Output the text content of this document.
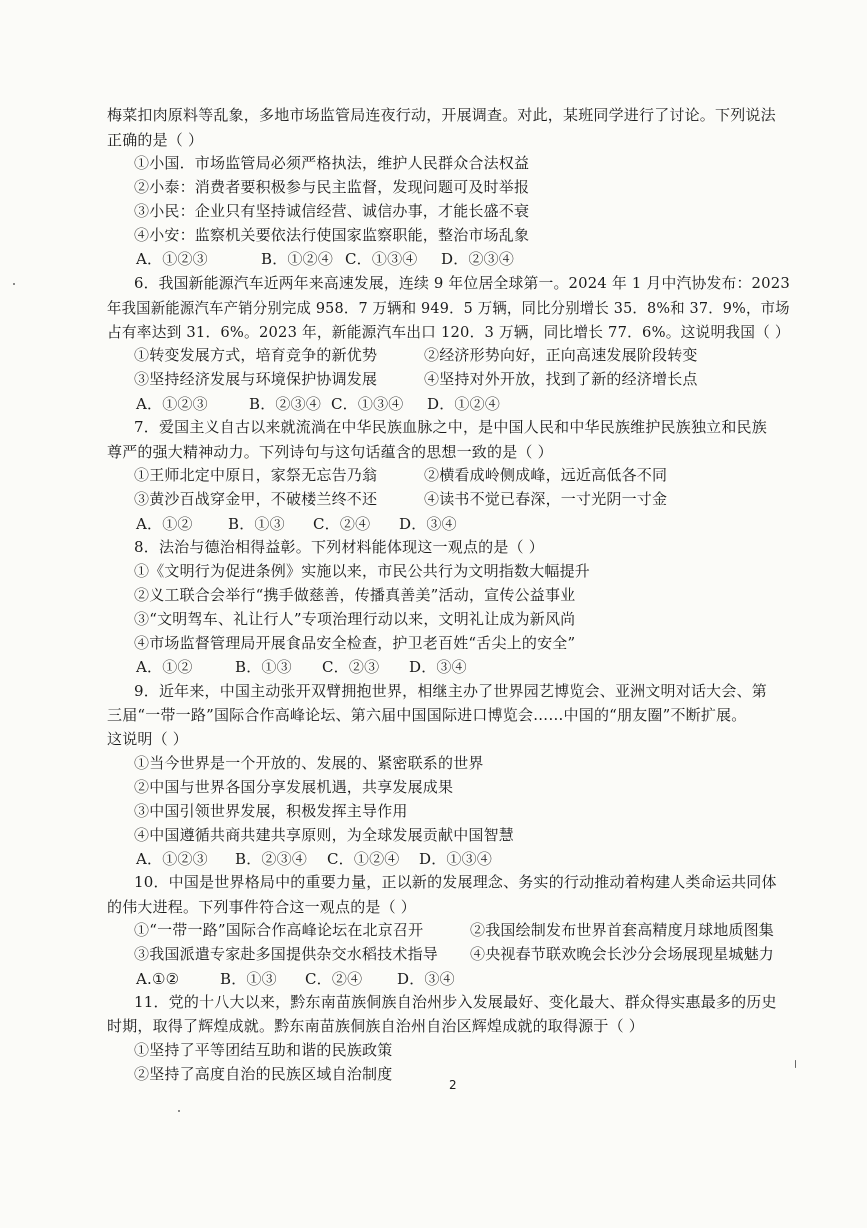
梅菜扣肉原料等乱象，多地市场监管局连夜行动，开展调查。对此，某班同学进行了讨论。下列说法
正确的是（ ）
①小国．市场监管局必须严格执法，维护人民群众合法权益
②小泰：消费者要积极参与民主监督，发现问题可及时举报
③小民：企业只有坚持诚信经营、诚信办事，才能长盛不衰
④小安：监察机关要依法行使国家监察职能，整治市场乱象
A．①②③	B．①②④ C．①③④ D．②③④
6．我国新能源汽车近两年来高速发展，连续 9 年位居全球第一。2024 年 1 月中汽协发布：2023
年我国新能源汽车产销分别完成 958．7 万辆和 949．5 万辆，同比分别增长 35．8%和 37．9%，市场
占有率达到 31．6%。2023 年，新能源汽车出口 120．3 万辆，同比增长 77．6%。这说明我国（ ）
①转变发展方式，培育竞争的新优势	②经济形势向好，正向高速发展阶段转变
③坚持经济发展与环境保护协调发展	④坚持对外开放，找到了新的经济增长点
A．①②③	B．②③④ C．①③④ D．①②④
7．爱国主义自古以来就流淌在中华民族血脉之中，是中国人民和中华民族维护民族独立和民族
尊严的强大精神动力。下列诗句与这句话蕴含的思想一致的是（ ）
①王师北定中原日，家祭无忘告乃翁	②横看成岭侧成峰，远近高低各不同
③黄沙百战穿金甲，不破楼兰终不还	④读书不觉已春深，一寸光阴一寸金
A．①② B．①③ C．②④ D．③④
8．法治与德治相得益彰。下列材料能体现这一观点的是（ ）
①《文明行为促进条例》实施以来，市民公共行为文明指数大幅提升
②义工联合会举行“携手做慈善，传播真善美”活动，宣传公益事业
③“文明驾车、礼让行人”专项治理行动以来，文明礼让成为新风尚
④市场监督管理局开展食品安全检查，护卫老百姓“舌尖上的安全”
A．①②	B．①③ C．②③ D．③④
9．近年来，中国主动张开双臂拥抱世界，相继主办了世界园艺博览会、亚洲文明对话大会、第
三届“一带一路”国际合作高峰论坛、第六届中国国际进口博览会……中国的“朋友圈”不断扩展。
这说明（ ）
①当今世界是一个开放的、发展的、紧密联系的世界
②中国与世界各国分享发展机遇，共享发展成果
③中国引领世界发展，积极发挥主导作用
④中国遵循共商共建共享原则，为全球发展贡献中国智慧
A．①②③ B．②③④ C．①②④ D．①③④
10．中国是世界格局中的重要力量，正以新的发展理念、务实的行动推动着构建人类命运共同体
的伟大进程。下列事件符合这一观点的是（ ）
①“一带一路”国际合作高峰论坛在北京召开	②我国绘制发布世界首套高精度月球地质图集
③我国派遣专家赴多国提供杂交水稻技术指导 ④央视春节联欢晚会长沙分会场展现星城魅力
A.①②	B．①③ C．②④ D．③④
11．党的十八大以来，黔东南苗族侗族自治州步入发展最好、变化最大、群众得实惠最多的历史
时期，取得了辉煌成就。黔东南苗族侗族自治州自治区辉煌成就的取得源于（ ）
①坚持了平等团结互助和谐的民族政策
②坚持了高度自治的民族区域自治制度
2
